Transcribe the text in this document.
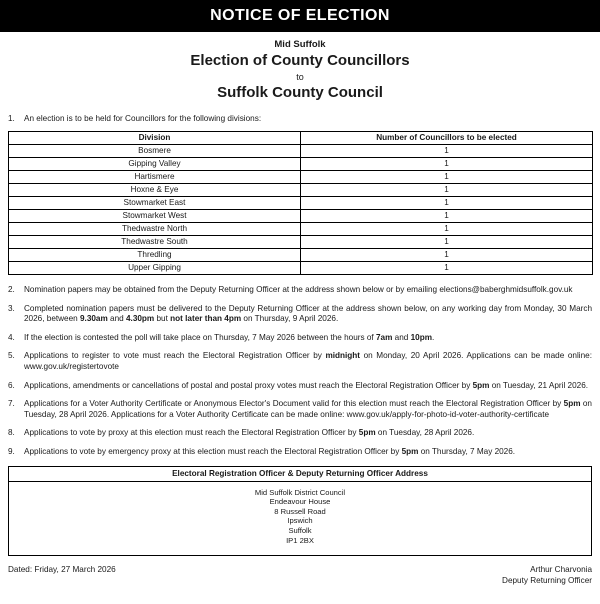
NOTICE OF ELECTION
Mid Suffolk
Election of County Councillors
to
Suffolk County Council
1.	An election is to be held for Councillors for the following divisions:
Division	Number of Councillors to be elected
Bosmere	1
Gipping Valley	1
Hartismere	1
Hoxne & Eye	1
Stowmarket East	1
Stowmarket West	1
Thedwastre North	1
Thedwastre South	1
Thredling	1
Upper Gipping	1
2.	Nomination papers may be obtained from the Deputy Returning Officer at the address shown below or by emailing elections@baberghmidsuffolk.gov.uk
3.	Completed nomination papers must be delivered to the Deputy Returning Officer at the address shown below, on any working day from Monday, 30 March 2026, between 9.30am and 4.30pm but not later than 4pm on Thursday, 9 April 2026.
4.	If the election is contested the poll will take place on Thursday, 7 May 2026 between the hours of 7am and 10pm.
5.	Applications to register to vote must reach the Electoral Registration Officer by midnight on Monday, 20 April 2026. Applications can be made online: www.gov.uk/registertovote
6.	Applications, amendments or cancellations of postal and postal proxy votes must reach the Electoral Registration Officer by 5pm on Tuesday, 21 April 2026.
7.	Applications for a Voter Authority Certificate or Anonymous Elector's Document valid for this election must reach the Electoral Registration Officer by 5pm on Tuesday, 28 April 2026. Applications for a Voter Authority Certificate can be made online: www.gov.uk/apply-for-photo-id-voter-authority-certificate
8.	Applications to vote by proxy at this election must reach the Electoral Registration Officer by 5pm on Tuesday, 28 April 2026.
9.	Applications to vote by emergency proxy at this election must reach the Electoral Registration Officer by 5pm on Thursday, 7 May 2026.
Electoral Registration Officer & Deputy Returning Officer Address
Mid Suffolk District Council
Endeavour House
8 Russell Road
Ipswich
Suffolk
IP1 2BX
Dated: Friday, 27 March 2026	Arthur Charvonia
Deputy Returning Officer
